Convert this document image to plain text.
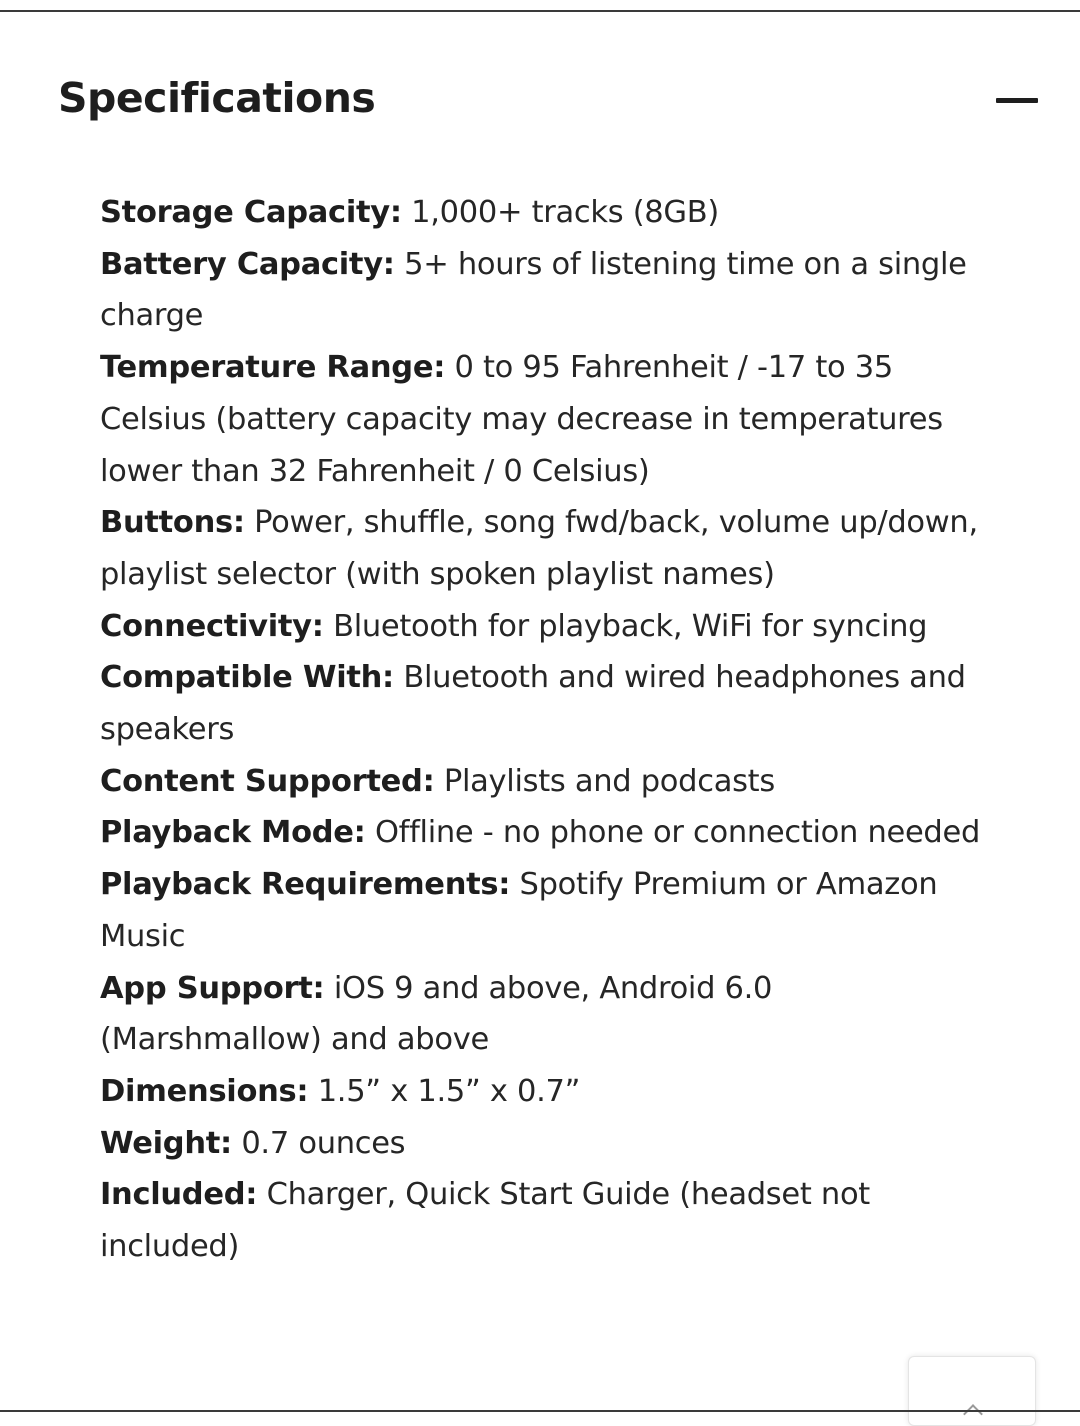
Specifications
Storage Capacity: 1,000+ tracks (8GB)
Battery Capacity: 5+ hours of listening time on a single charge
Temperature Range: 0 to 95 Fahrenheit / -17 to 35 Celsius (battery capacity may decrease in temperatures lower than 32 Fahrenheit / 0 Celsius)
Buttons: Power, shuffle, song fwd/back, volume up/down, playlist selector (with spoken playlist names)
Connectivity: Bluetooth for playback, WiFi for syncing
Compatible With: Bluetooth and wired headphones and speakers
Content Supported: Playlists and podcasts
Playback Mode: Offline - no phone or connection needed
Playback Requirements: Spotify Premium or Amazon Music
App Support: iOS 9 and above, Android 6.0 (Marshmallow) and above
Dimensions: 1.5” x 1.5” x 0.7”
Weight: 0.7 ounces
Included: Charger, Quick Start Guide (headset not included)
